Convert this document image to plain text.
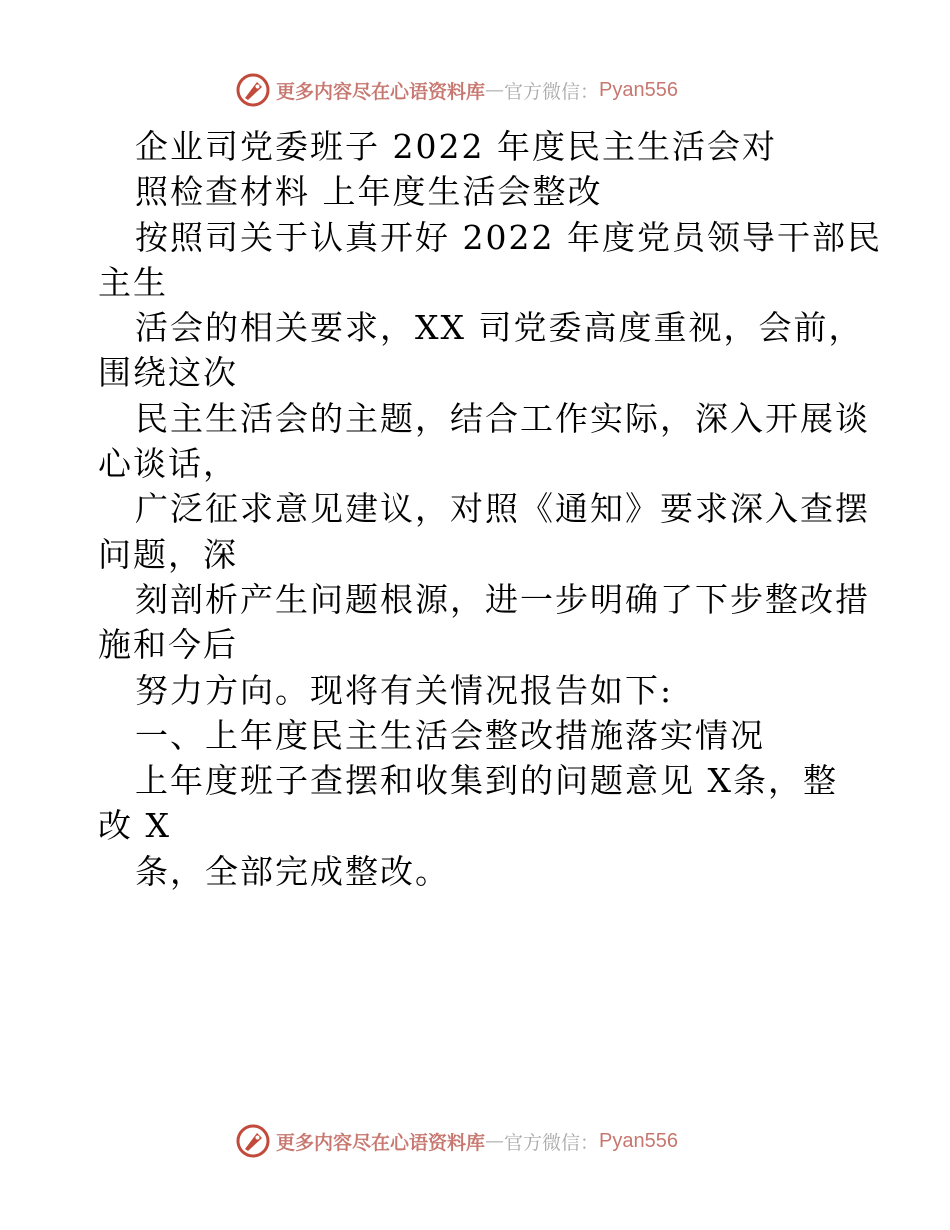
更多内容尽在心语资料库 — 官方微信： Pyan556
企业司党委班子 2022 年度民主生活会对
照检查材料 上年度生活会整改
按照司关于认真开好 2022 年度党员领导干部民
主生
活会的相关要求，XX 司党委高度重视，会前，
围绕这次
民主生活会的主题，结合工作实际，深入开展谈
心谈话，
广泛征求意见建议，对照《通知》要求深入查摆
问题，深
刻剖析产生问题根源，进一步明确了下步整改措
施和今后
努力方向。现将有关情况报告如下:
一、上年度民主生活会整改措施落实情况
上年度班子查摆和收集到的问题意见 X条，整
改 X
条，全部完成整改。
更多内容尽在心语资料库 — 官方微信： Pyan556
